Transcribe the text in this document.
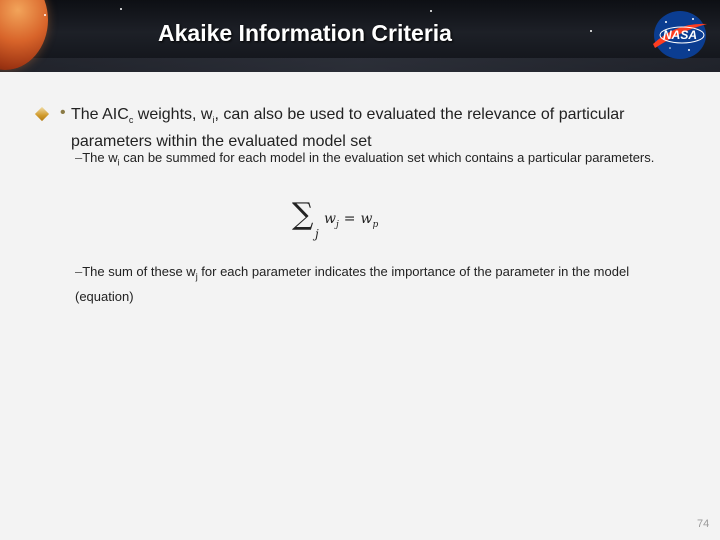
Akaike Information Criteria	NASA
• The $AIC_c$ weights, $w_i$, can also be used to evaluated the relevance of particular parameters within the evaluated model set
–The $w_i$ can be summed for each model in the evaluation set which contains a particular parameters.
∑
j
$w_j = w_p$
–The sum of these $w_j$ for each parameter indicates the importance of the parameter in the model (equation)
74
